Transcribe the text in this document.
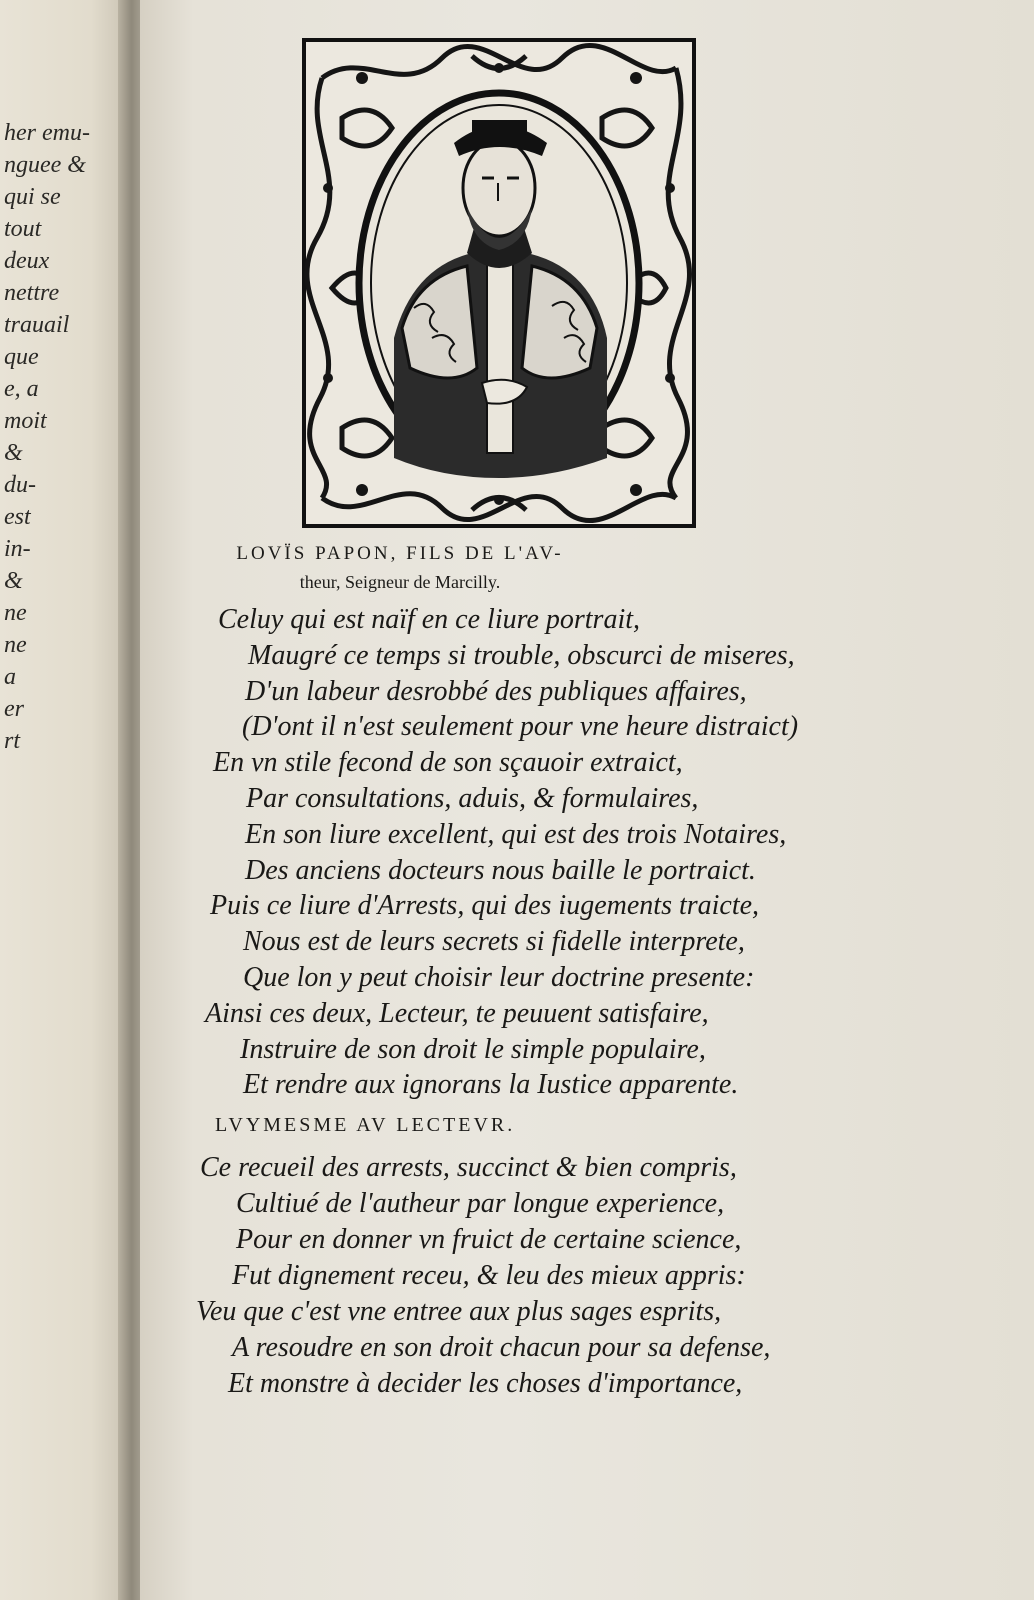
her emu-
nguee &
qui se
tout
deux
nettre
trauail
que
e, a
moit
&
du-
est
in-
&
ne
ne
a
er
rt
LOVÏS PAPON, FILS DE L'AV-
theur, Seigneur de Marcilly.
Celuy qui est naïf en ce liure portrait,
Maugré ce temps si trouble, obscurci de miseres,
D'un labeur desrobbé des publiques affaires,
(D'ont il n'est seulement pour vne heure distraict)
En vn stile fecond de son sçauoir extraict,
Par consultations, aduis, & formulaires,
En son liure excellent, qui est des trois Notaires,
Des anciens docteurs nous baille le portraict.
Puis ce liure d'Arrests, qui des iugements traicte,
Nous est de leurs secrets si fidelle interprete,
Que lon y peut choisir leur doctrine presente:
Ainsi ces deux, Lecteur, te peuuent satisfaire,
Instruire de son droit le simple populaire,
Et rendre aux ignorans la Iustice apparente.
LVYMESME AV LECTEVR.
Ce recueil des arrests, succinct & bien compris,
Cultiué de l'autheur par longue experience,
Pour en donner vn fruict de certaine science,
Fut dignement receu, & leu des mieux appris:
Veu que c'est vne entree aux plus sages esprits,
A resoudre en son droit chacun pour sa defense,
Et monstre à decider les choses d'importance,
